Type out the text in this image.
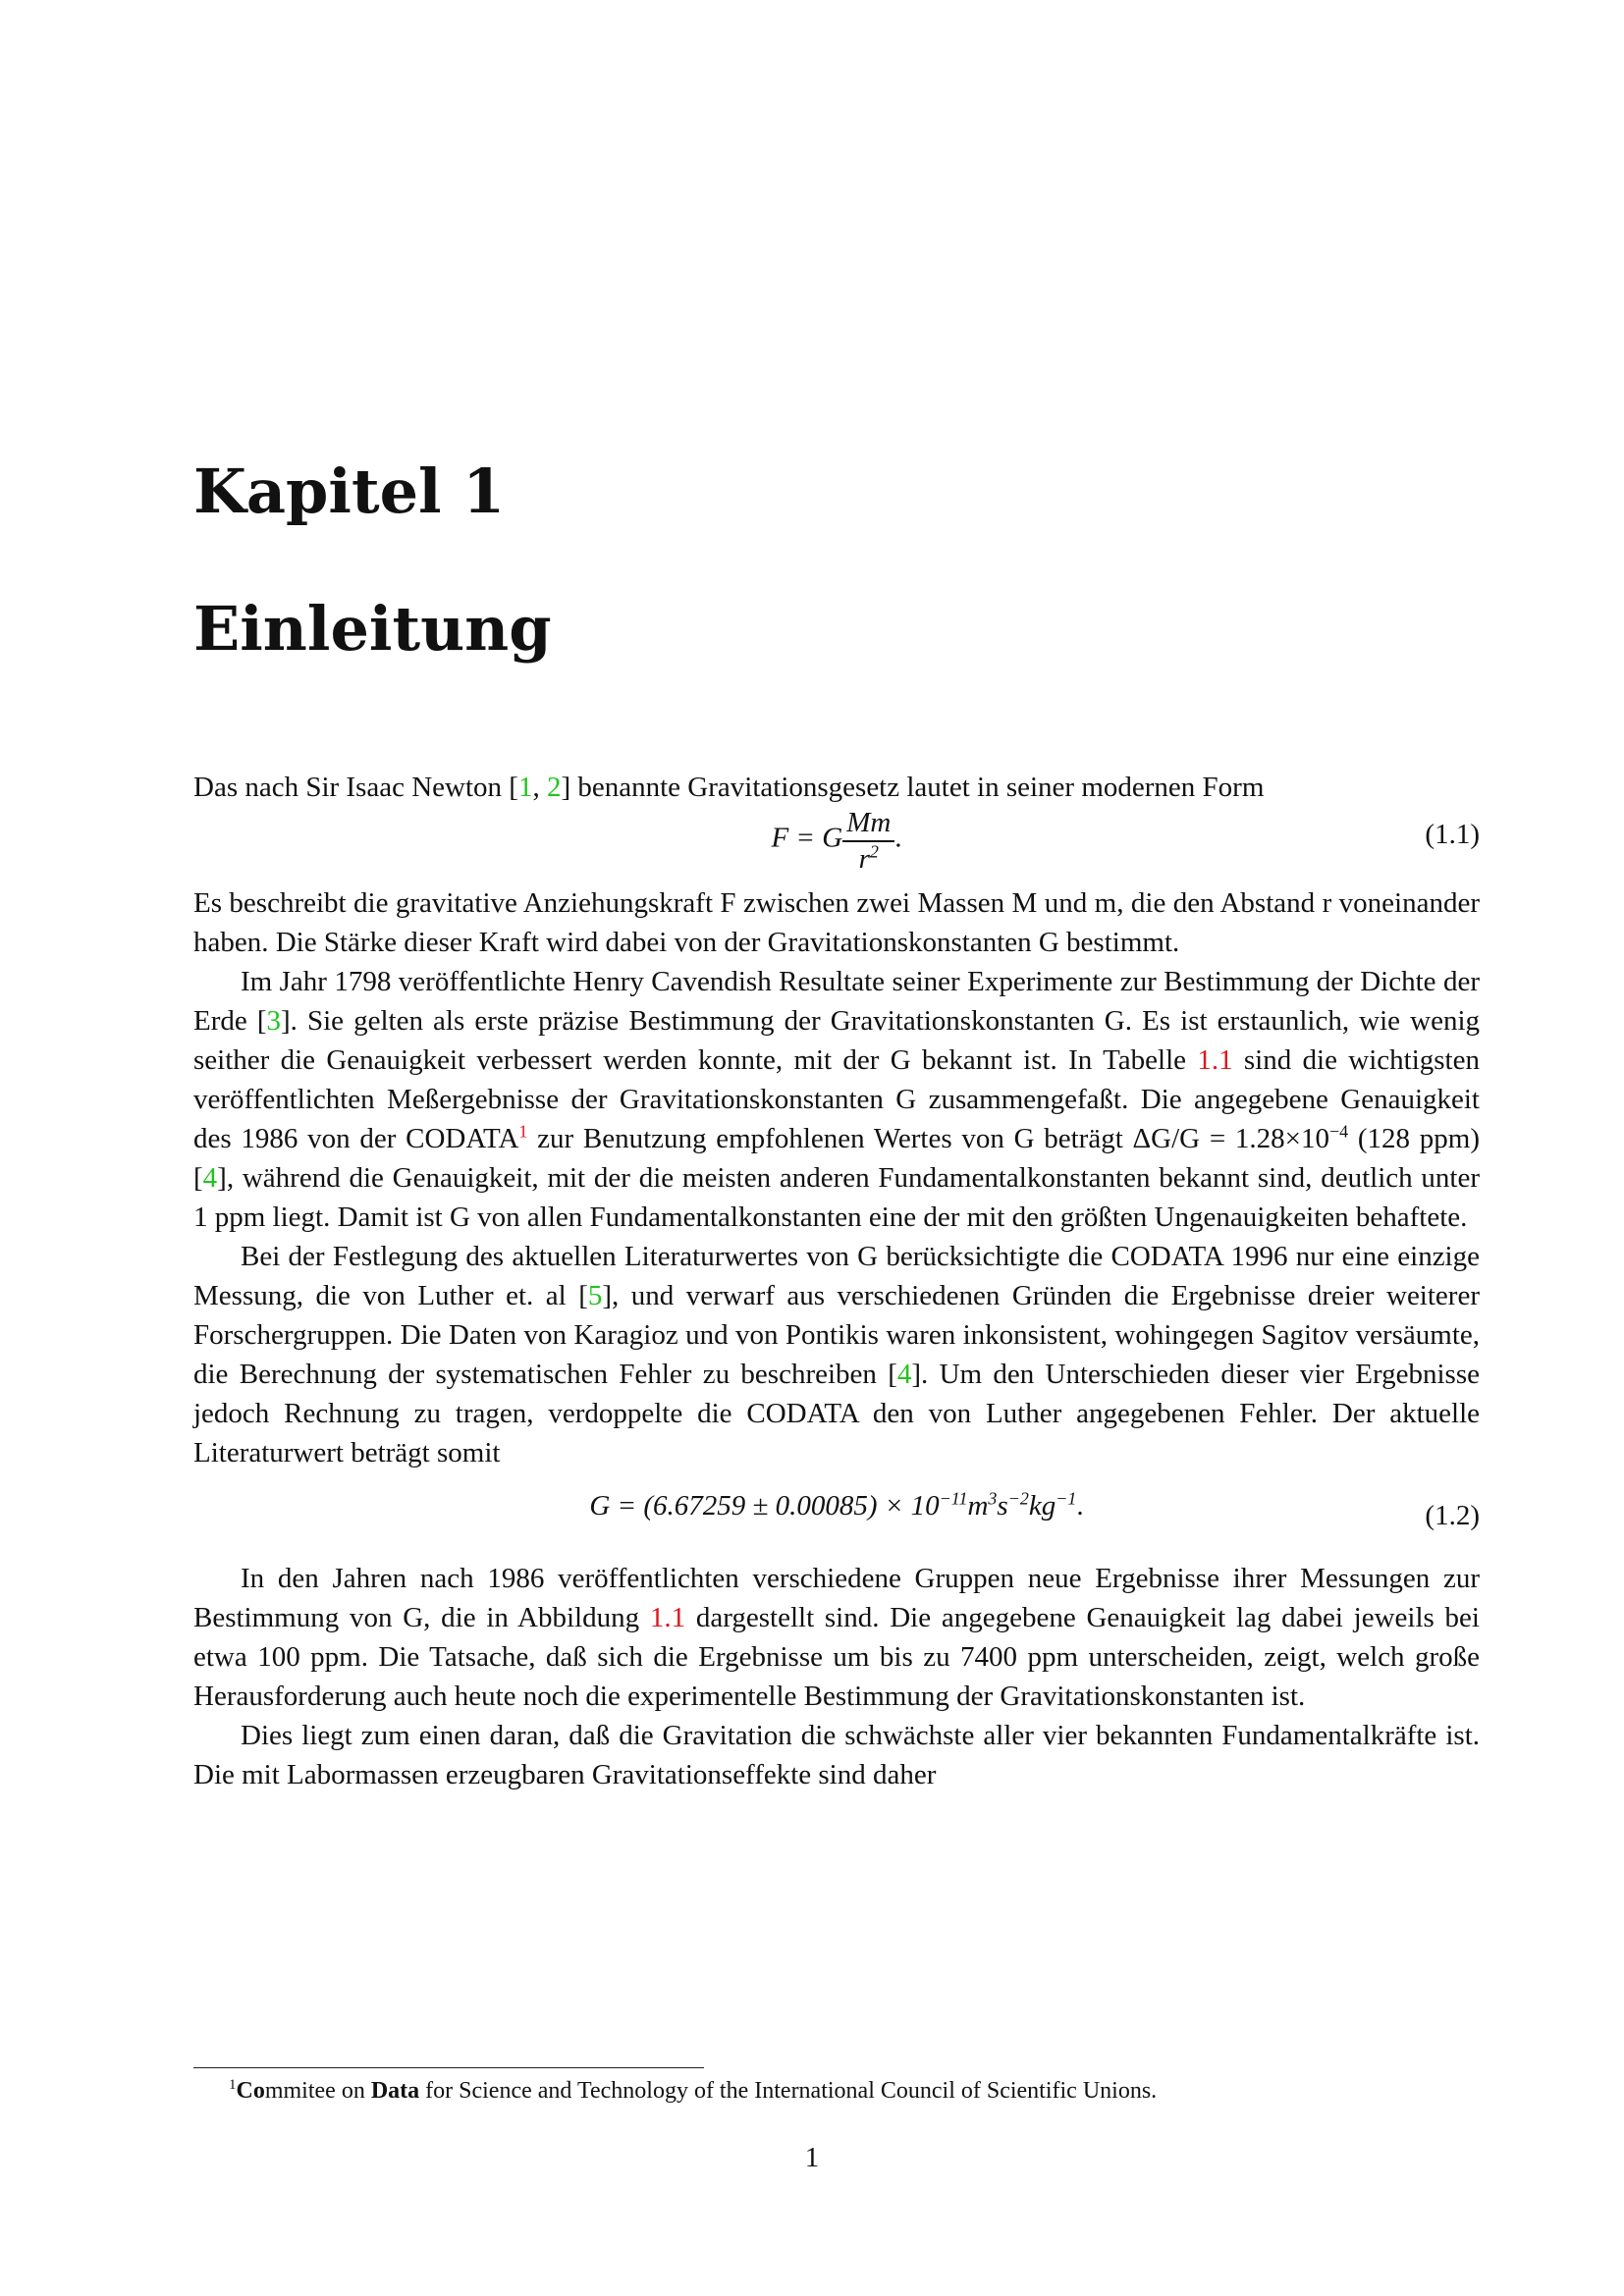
Kapitel 1
Einleitung

Das nach Sir Isaac Newton [1, 2] benannte Gravitationsgesetz lautet in seiner modernen Form

F = G $\frac{Mm}{r^2}$ .	(1.1)

Es beschreibt die gravitative Anziehungskraft F zwischen zwei Massen M und m, die den Abstand r voneinander haben. Die Stärke dieser Kraft wird dabei von der Gravitationskonstanten G bestimmt.

Im Jahr 1798 veröffentlichte Henry Cavendish Resultate seiner Experimente zur Bestimmung der Dichte der Erde [3]. Sie gelten als erste präzise Bestimmung der Gravitationskonstanten G. Es ist erstaunlich, wie wenig seither die Genauigkeit verbessert werden konnte, mit der G bekannt ist. In Tabelle 1.1 sind die wichtigsten veröffentlichten Meßergebnisse der Gravitationskonstanten G zusammengefaßt. Die angegebene Genauigkeit des 1986 von der CODATA$^1$ zur Benutzung empfohlenen Wertes von G beträgt $\Delta G/G = 1.28\times 10^{-4}$ (128 ppm) [4], während die Genauigkeit, mit der die meisten anderen Fundamentalkonstanten bekannt sind, deutlich unter 1 ppm liegt. Damit ist G von allen Fundamentalkonstanten eine der mit den größten Ungenauigkeiten behaftete.

Bei der Festlegung des aktuellen Literaturwertes von G berücksichtigte die CODATA 1996 nur eine einzige Messung, die von Luther et. al [5], und verwarf aus verschiedenen Gründen die Ergebnisse dreier weiterer Forschergruppen. Die Daten von Karagioz und von Pontikis waren inkonsistent, wohingegen Sagitov versäumte, die Berechnung der systematischen Fehler zu beschreiben [4]. Um den Unterschieden dieser vier Ergebnisse jedoch Rechnung zu tragen, verdoppelte die CODATA den von Luther angegebenen Fehler. Der aktuelle Literaturwert beträgt somit

$G = (6.67259 \pm 0.00085) \times 10^{-11}m^3s^{-2}kg^{-1}$.	(1.2)

In den Jahren nach 1986 veröffentlichten verschiedene Gruppen neue Ergebnisse ihrer Messungen zur Bestimmung von G, die in Abbildung 1.1 dargestellt sind. Die angegebene Genauigkeit lag dabei jeweils bei etwa 100 ppm. Die Tatsache, daß sich die Ergebnisse um bis zu 7400 ppm unterscheiden, zeigt, welch große Herausforderung auch heute noch die experimentelle Bestimmung der Gravitationskonstanten ist.

Dies liegt zum einen daran, daß die Gravitation die schwächste aller vier bekannten Fundamentalkräfte ist. Die mit Labormassen erzeugbaren Gravitationseffekte sind daher

$^1$Commitee on Data for Science and Technology of the International Council of Scientific Unions.
1
